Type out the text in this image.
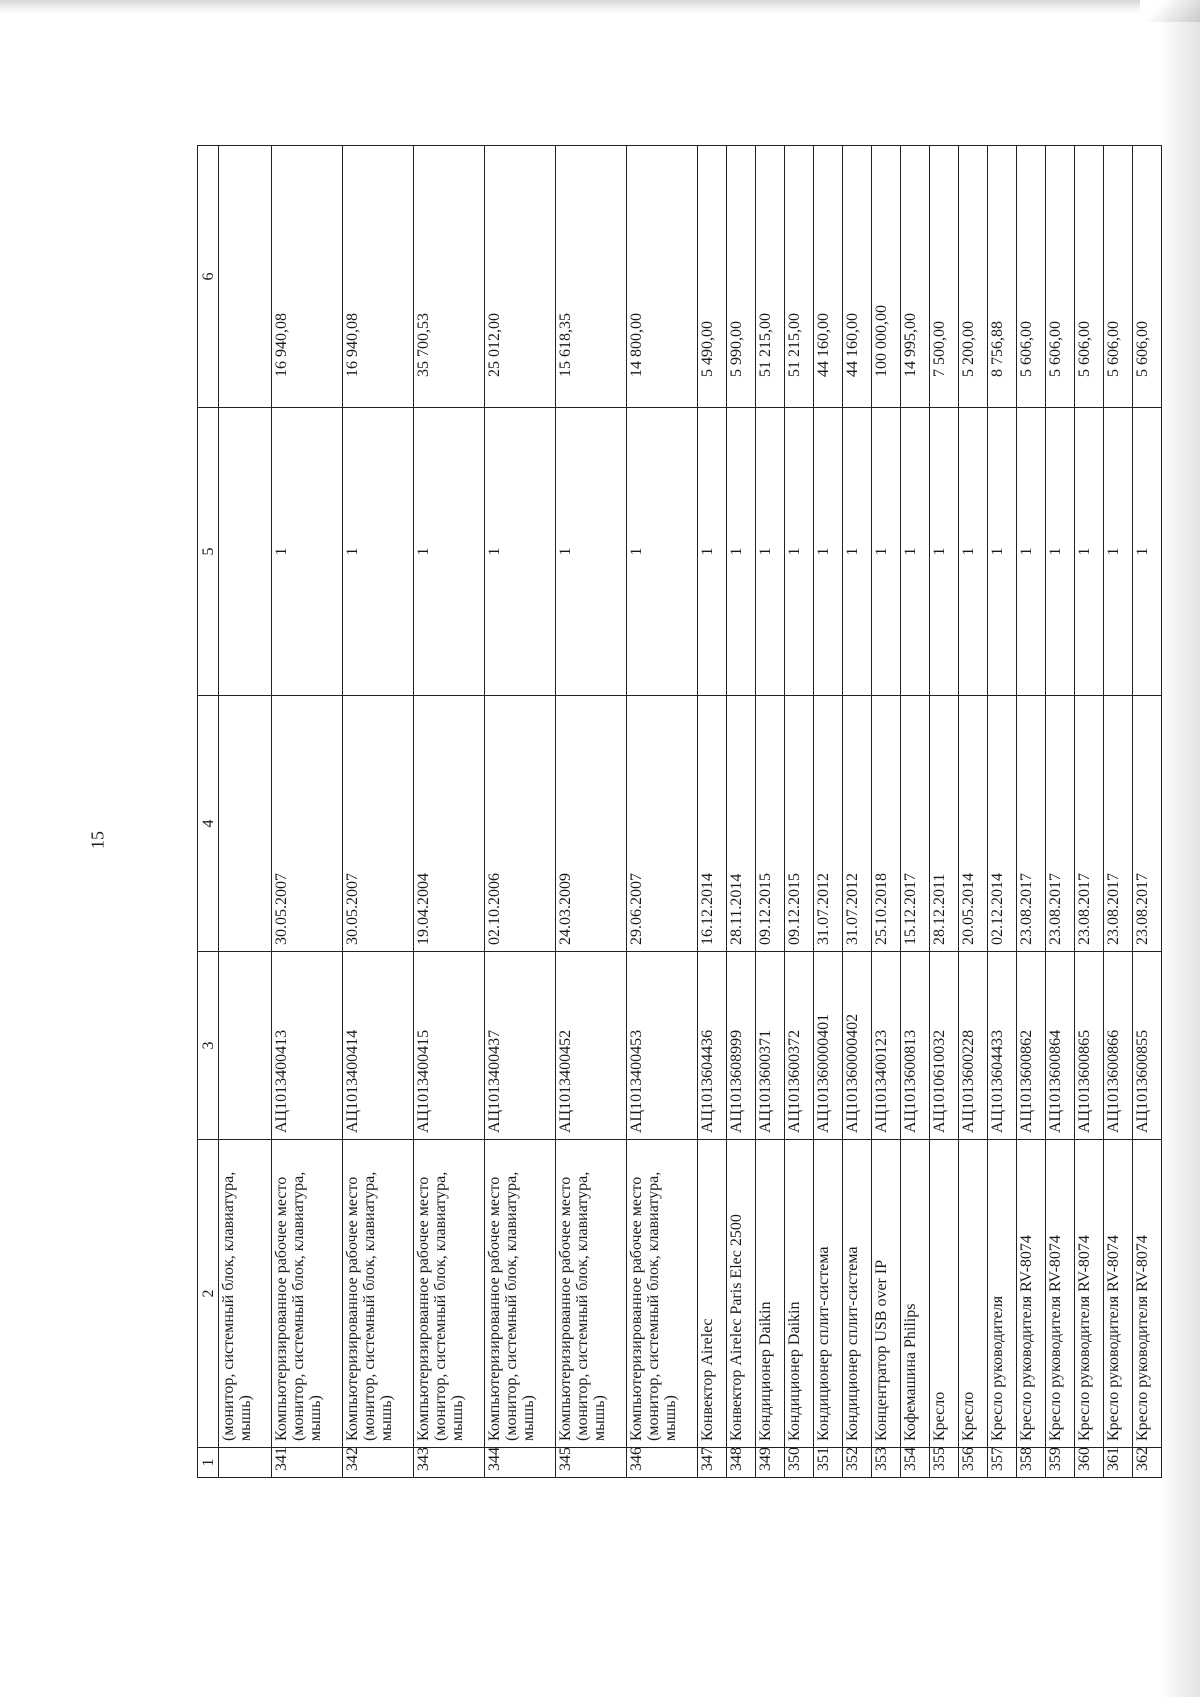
15
1	2	3	4	5	6
	(монитор, системный блок, клавиатура, мышь)				
341	Компьютеризированное рабочее место (монитор, системный блок, клавиатура, мышь)	АЦ1013400413	30.05.2007	1	16 940,08
342	Компьютеризированное рабочее место (монитор, системный блок, клавиатура, мышь)	АЦ1013400414	30.05.2007	1	16 940,08
343	Компьютеризированное рабочее место (монитор, системный блок, клавиатура, мышь)	АЦ1013400415	19.04.2004	1	35 700,53
344	Компьютеризированное рабочее место (монитор, системный блок, клавиатура, мышь)	АЦ1013400437	02.10.2006	1	25 012,00
345	Компьютеризированное рабочее место (монитор, системный блок, клавиатура, мышь)	АЦ1013400452	24.03.2009	1	15 618,35
346	Компьютеризированное рабочее место (монитор, системный блок, клавиатура, мышь)	АЦ1013400453	29.06.2007	1	14 800,00
347	Конвектор Airelec	АЦ1013604436	16.12.2014	1	5 490,00
348	Конвектор Airelec Paris Elec 2500	АЦ1013608999	28.11.2014	1	5 990,00
349	Кондиционер Daikin	АЦ1013600371	09.12.2015	1	51 215,00
350	Кондиционер Daikin	АЦ1013600372	09.12.2015	1	51 215,00
351	Кондиционер сплит-система	АЦ101360000401	31.07.2012	1	44 160,00
352	Кондиционер сплит-система	АЦ101360000402	31.07.2012	1	44 160,00
353	Концентратор USB over IP	АЦ1013400123	25.10.2018	1	100 000,00
354	Кофемашина Philips	АЦ1013600813	15.12.2017	1	14 995,00
355	Кресло	АЦ1010610032	28.12.2011	1	7 500,00
356	Кресло	АЦ1013600228	20.05.2014	1	5 200,00
357	Кресло руководителя	АЦ1013604433	02.12.2014	1	8 756,88
358	Кресло руководителя RV-8074	АЦ1013600862	23.08.2017	1	5 606,00
359	Кресло руководителя RV-8074	АЦ1013600864	23.08.2017	1	5 606,00
360	Кресло руководителя RV-8074	АЦ1013600865	23.08.2017	1	5 606,00
361	Кресло руководителя RV-8074	АЦ1013600866	23.08.2017	1	5 606,00
362	Кресло руководителя RV-8074	АЦ1013600855	23.08.2017	1	5 606,00
